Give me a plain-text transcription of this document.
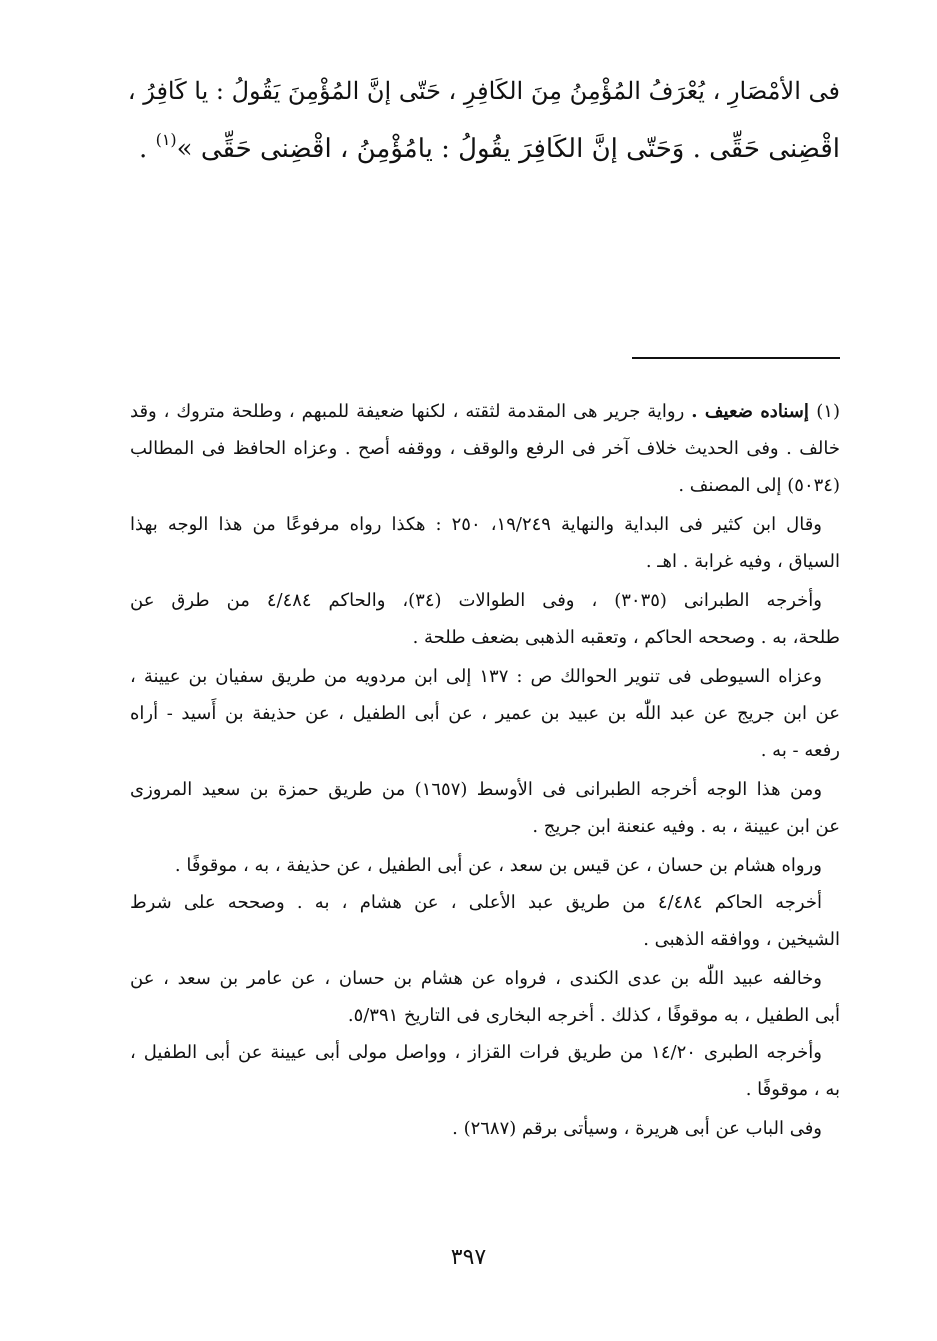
فى الأمْصَارِ ، يُعْرَفُ المُؤْمِنُ مِنَ الكَافِرِ ، حَتّى إنَّ المُؤْمِنَ يَقُولُ : يا كَافِرُ ،
اقْضِنى حَقِّى . وَحَتّى إنَّ الكَافِرَ يقُولُ : يامُؤْمِنُ ، اقْضِنى حَقِّى »$^{(١)}$ .
(١) إسناده ضعيف . رواية جرير هى المقدمة لثقته ، لكنها ضعيفة للمبهم ، وطلحة متروك ، وقد
خالف . وفى الحديث خلاف آخر فى الرفع والوقف ، ووقفه أصح . وعزاه الحافظ فى المطالب
(٥٠٣٤) إلى المصنف .
وقال ابن كثير فى البداية والنهاية ١٩/٢٤٩، ٢٥٠ : هكذا رواه مرفوعًا من هذا الوجه بهذا
السياق ، وفيه غرابة . اهـ .
وأخرجه الطبرانى (٣٠٣٥) ، وفى الطوالات (٣٤)، والحاكم ٤/٤٨٤ من طرق عن
طلحة، به . وصححه الحاكم ، وتعقبه الذهبى بضعف طلحة .
وعزاه السيوطى فى تنوير الحوالك ص : ١٣٧ إلى ابن مردويه من طريق سفيان بن عيينة ،
عن ابن جريج عن عبد اللّٰه بن عبيد بن عمير ، عن أبى الطفيل ، عن حذيفة بن أَسيد - أراه
رفعه - به .
ومن هذا الوجه أخرجه الطبرانى فى الأوسط (١٦٥٧) من طريق حمزة بن سعيد المروزى
عن ابن عيينة ، به . وفيه عنعنة ابن جريج .
ورواه هشام بن حسان ، عن قيس بن سعد ، عن أبى الطفيل ، عن حذيفة ، به ، موقوفًا .
أخرجه الحاكم ٤/٤٨٤ من طريق عبد الأعلى ، عن هشام ، به . وصححه على شرط
الشيخين ، ووافقه الذهبى .
وخالفه عبيد اللّٰه بن عدى الكندى ، فرواه عن هشام بن حسان ، عن عامر بن سعد ، عن
أبى الطفيل ، به موقوفًا ، كذلك . أخرجه البخارى فى التاريخ ٥/٣٩١.
وأخرجه الطبرى ١٤/٢٠ من طريق فرات القزاز ، وواصل مولى أبى عيينة عن أبى الطفيل ،
به ، موقوفًا .
وفى الباب عن أبى هريرة ، وسيأتى برقم (٢٦٨٧) .
٣٩٧
